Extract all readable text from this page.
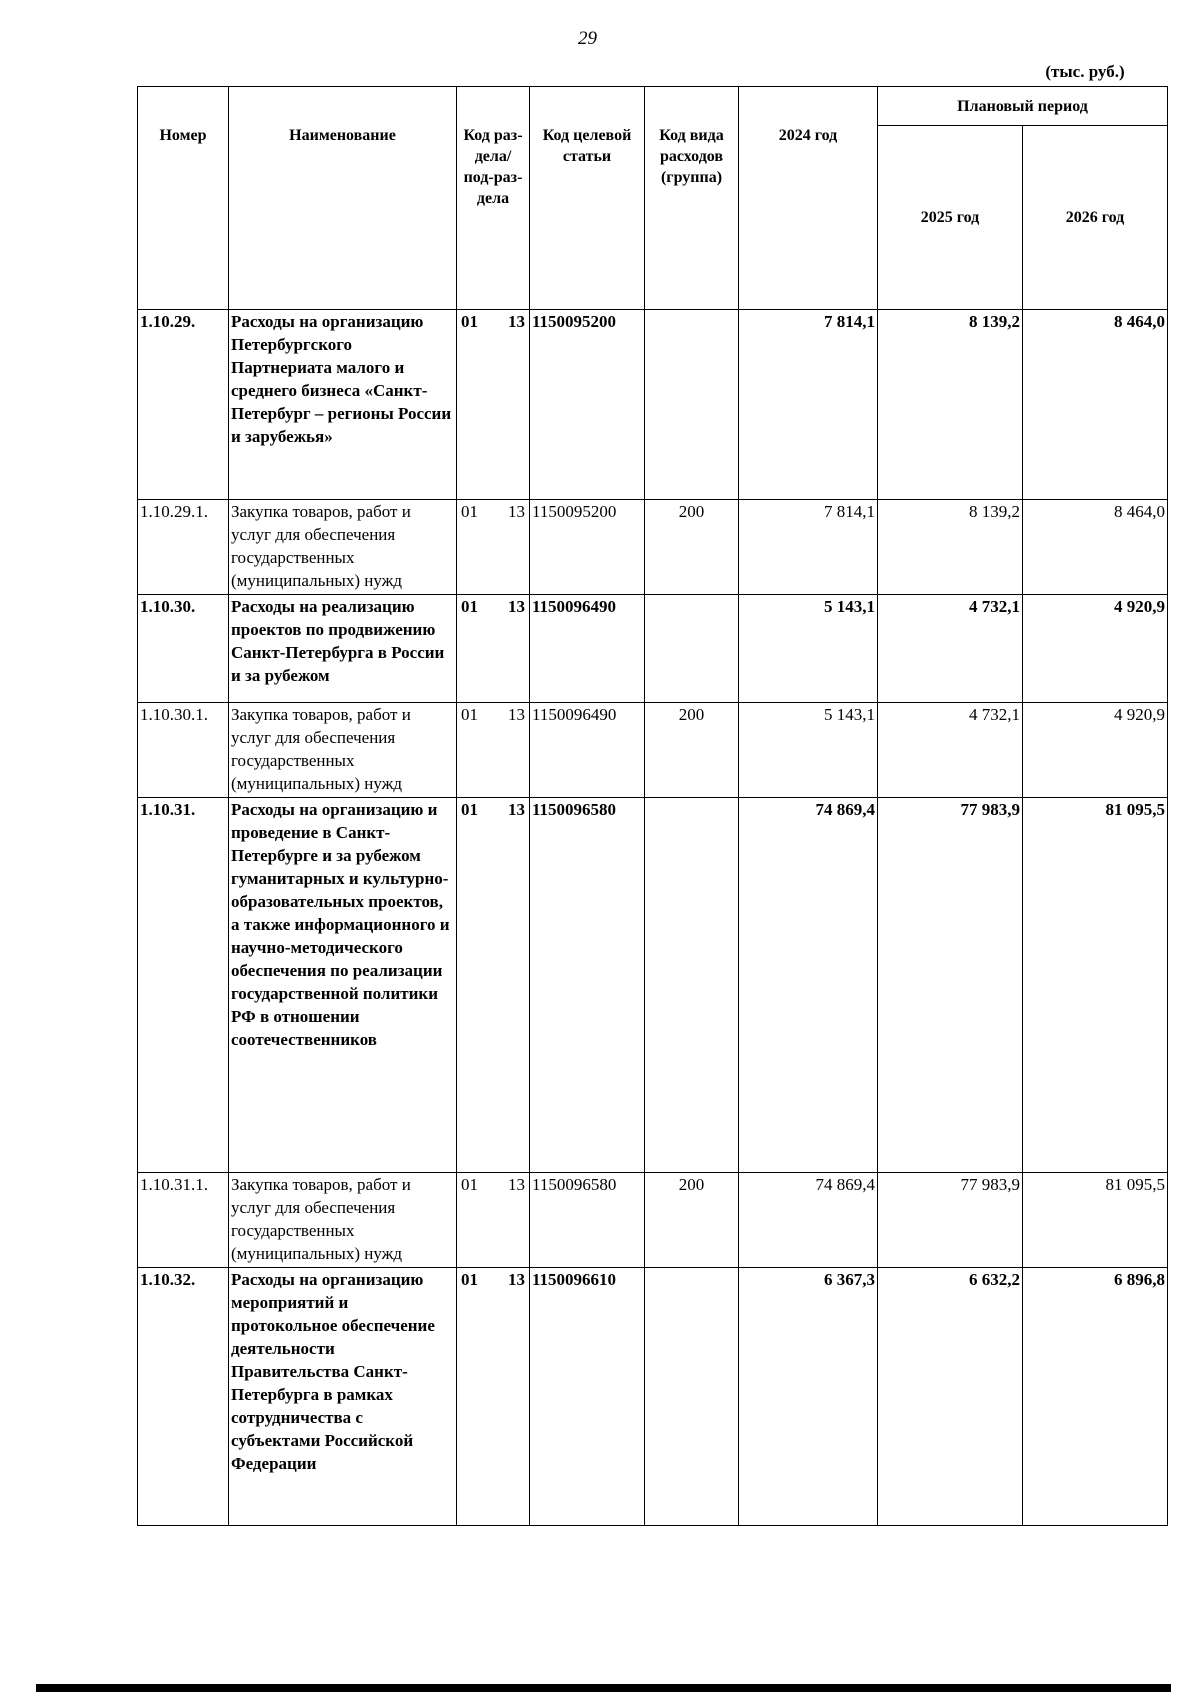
29
(тыс. руб.)
Номер	Наименование	Код раз-дела/ под-раз-дела	Код целевой статьи	Код вида расходов (группа)	2024 год	Плановый период	
						2025 год	2026 год
1.10.29.	Расходы на организацию Петербургского Партнериата малого и среднего бизнеса «Санкт-Петербург – регионы России и зарубежья»	01 13	1150095200		7 814,1	8 139,2	8 464,0
1.10.29.1.	Закупка товаров, работ и услуг для обеспечения государственных (муниципальных) нужд	01 13	1150095200	200	7 814,1	8 139,2	8 464,0
1.10.30.	Расходы на реализацию проектов по продвижению Санкт-Петербурга в России и за рубежом	01 13	1150096490		5 143,1	4 732,1	4 920,9
1.10.30.1.	Закупка товаров, работ и услуг для обеспечения государственных (муниципальных) нужд	01 13	1150096490	200	5 143,1	4 732,1	4 920,9
1.10.31.	Расходы на организацию и проведение в Санкт-Петербурге и за рубежом гуманитарных и культурно-образовательных проектов, а также информационного и научно-методического обеспечения по реализации государственной политики РФ в отношении соотечественников	01 13	1150096580		74 869,4	77 983,9	81 095,5
1.10.31.1.	Закупка товаров, работ и услуг для обеспечения государственных (муниципальных) нужд	01 13	1150096580	200	74 869,4	77 983,9	81 095,5
1.10.32.	Расходы на организацию мероприятий и протокольное обеспечение деятельности Правительства Санкт-Петербурга в рамках сотрудничества с субъектами Российской Федерации	01 13	1150096610		6 367,3	6 632,2	6 896,8
